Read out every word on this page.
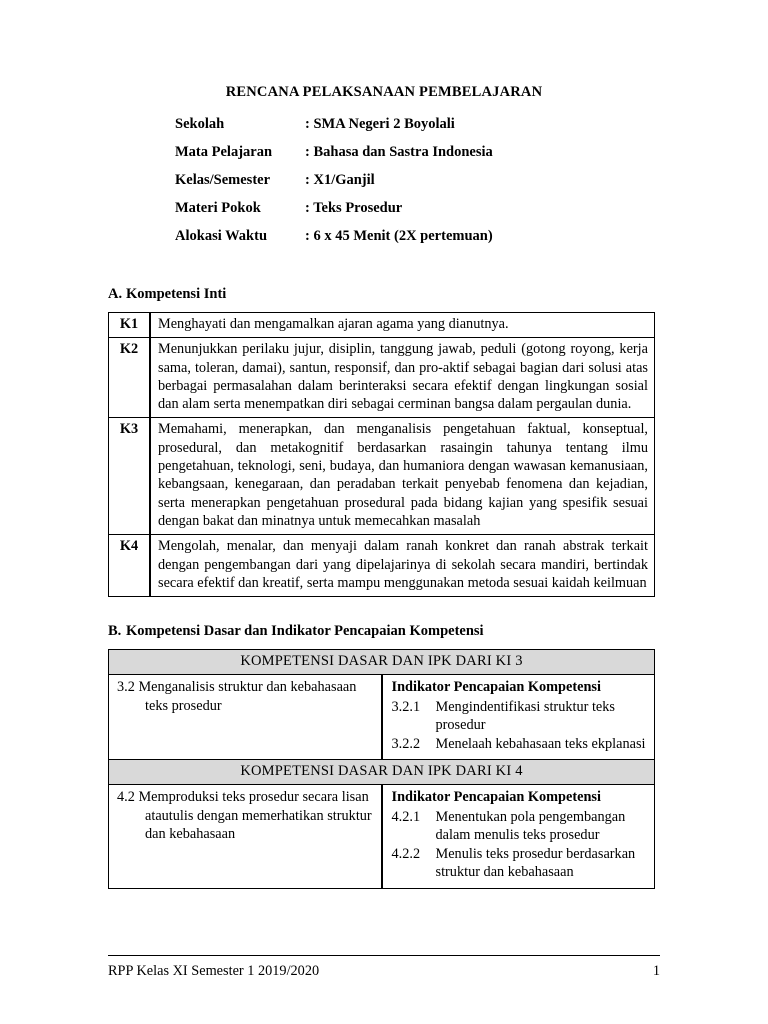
RENCANA PELAKSANAAN PEMBELAJARAN
Sekolah	: SMA Negeri 2 Boyolali
Mata Pelajaran	: Bahasa dan Sastra Indonesia
Kelas/Semester	: X1/Ganjil
Materi Pokok	: Teks Prosedur
Alokasi Waktu	: 6 x 45 Menit (2X pertemuan)
A. Kompetensi Inti
K1	Menghayati dan mengamalkan ajaran agama yang dianutnya.
K2	Menunjukkan perilaku jujur, disiplin, tanggung jawab, peduli (gotong royong, kerja sama, toleran, damai), santun, responsif, dan pro-aktif sebagai bagian dari solusi atas berbagai permasalahan dalam berinteraksi secara efektif dengan lingkungan sosial dan alam serta menempatkan diri sebagai cerminan bangsa dalam pergaulan dunia.
K3	Memahami, menerapkan, dan menganalisis pengetahuan faktual, konseptual, prosedural, dan metakognitif berdasarkan rasaingin tahunya tentang ilmu pengetahuan, teknologi, seni, budaya, dan humaniora dengan wawasan kemanusiaan, kebangsaan, kenegaraan, dan peradaban terkait penyebab fenomena dan kejadian, serta menerapkan pengetahuan prosedural pada bidang kajian yang spesifik sesuai dengan bakat dan minatnya untuk memecahkan masalah
K4	Mengolah, menalar, dan menyaji dalam ranah konkret dan ranah abstrak terkait dengan pengembangan dari yang dipelajarinya di sekolah secara mandiri, bertindak secara efektif dan kreatif, serta mampu menggunakan metoda sesuai kaidah keilmuan
B. Kompetensi Dasar dan Indikator Pencapaian Kompetensi
KOMPETENSI DASAR DAN IPK DARI KI 3	

3.2 Menganalisis struktur dan kebahasaan teks prosedur	Indikator Pencapaian Kompetensi
3.2.1 Mengindentifikasi struktur teks prosedur
3.2.2 Menelaah kebahasaan teks ekplanasi

KOMPETENSI DASAR DAN IPK DARI KI 4	

4.2 Memproduksi teks prosedur secara lisan atautulis dengan memerhatikan struktur dan kebahasaan	Indikator Pencapaian Kompetensi
4.2.1 Menentukan pola pengembangan dalam menulis teks prosedur
4.2.2 Menulis teks prosedur berdasarkan struktur dan kebahasaan
RPP Kelas XI Semester 1 2019/2020	1
